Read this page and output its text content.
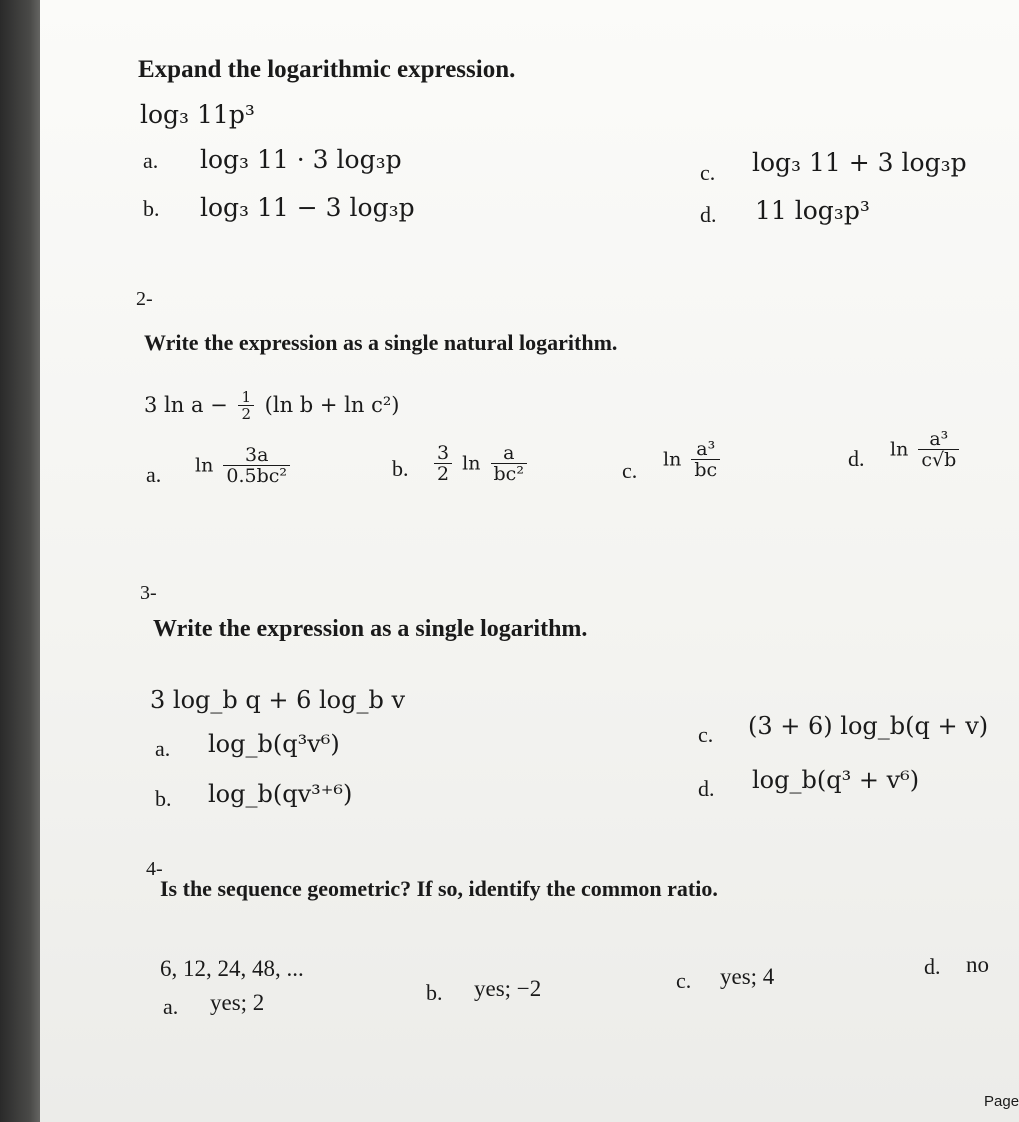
Expand the logarithmic expression.
log₃ 11p³
a. log₃ 11 · 3 log₃p
b. log₃ 11 − 3 log₃p
c. log₃ 11 + 3 log₃p
d. 11 log₃p³
2-
Write the expression as a single natural logarithm.
3 $\ln a - \frac{1}{2} (\ln$ b + ln c²)
a. $\ln \frac{3a}{\text{0.5bc²}}$	b. $\frac{3}{2}$ $\ln \frac{a}{\text{bc²}}$	c. $\ln \frac{\text{a³}}{bc}$	d. $\ln \frac{\text{a³}}{c√b}$
3-
Write the expression as a single logarithm.
3 log_b q + 6 log_b v
a. log_b(q³v⁶)
b. log_b(qv³⁺⁶)
c. (3 + 6) log_b(q + v)
d. log_b(q³ + v⁶)
4-
Is the sequence geometric? If so, identify the common ratio.
6, 12, 24, 48, ...
a. yes; 2	b. yes; −2	c. yes; 4	d. no
Page
